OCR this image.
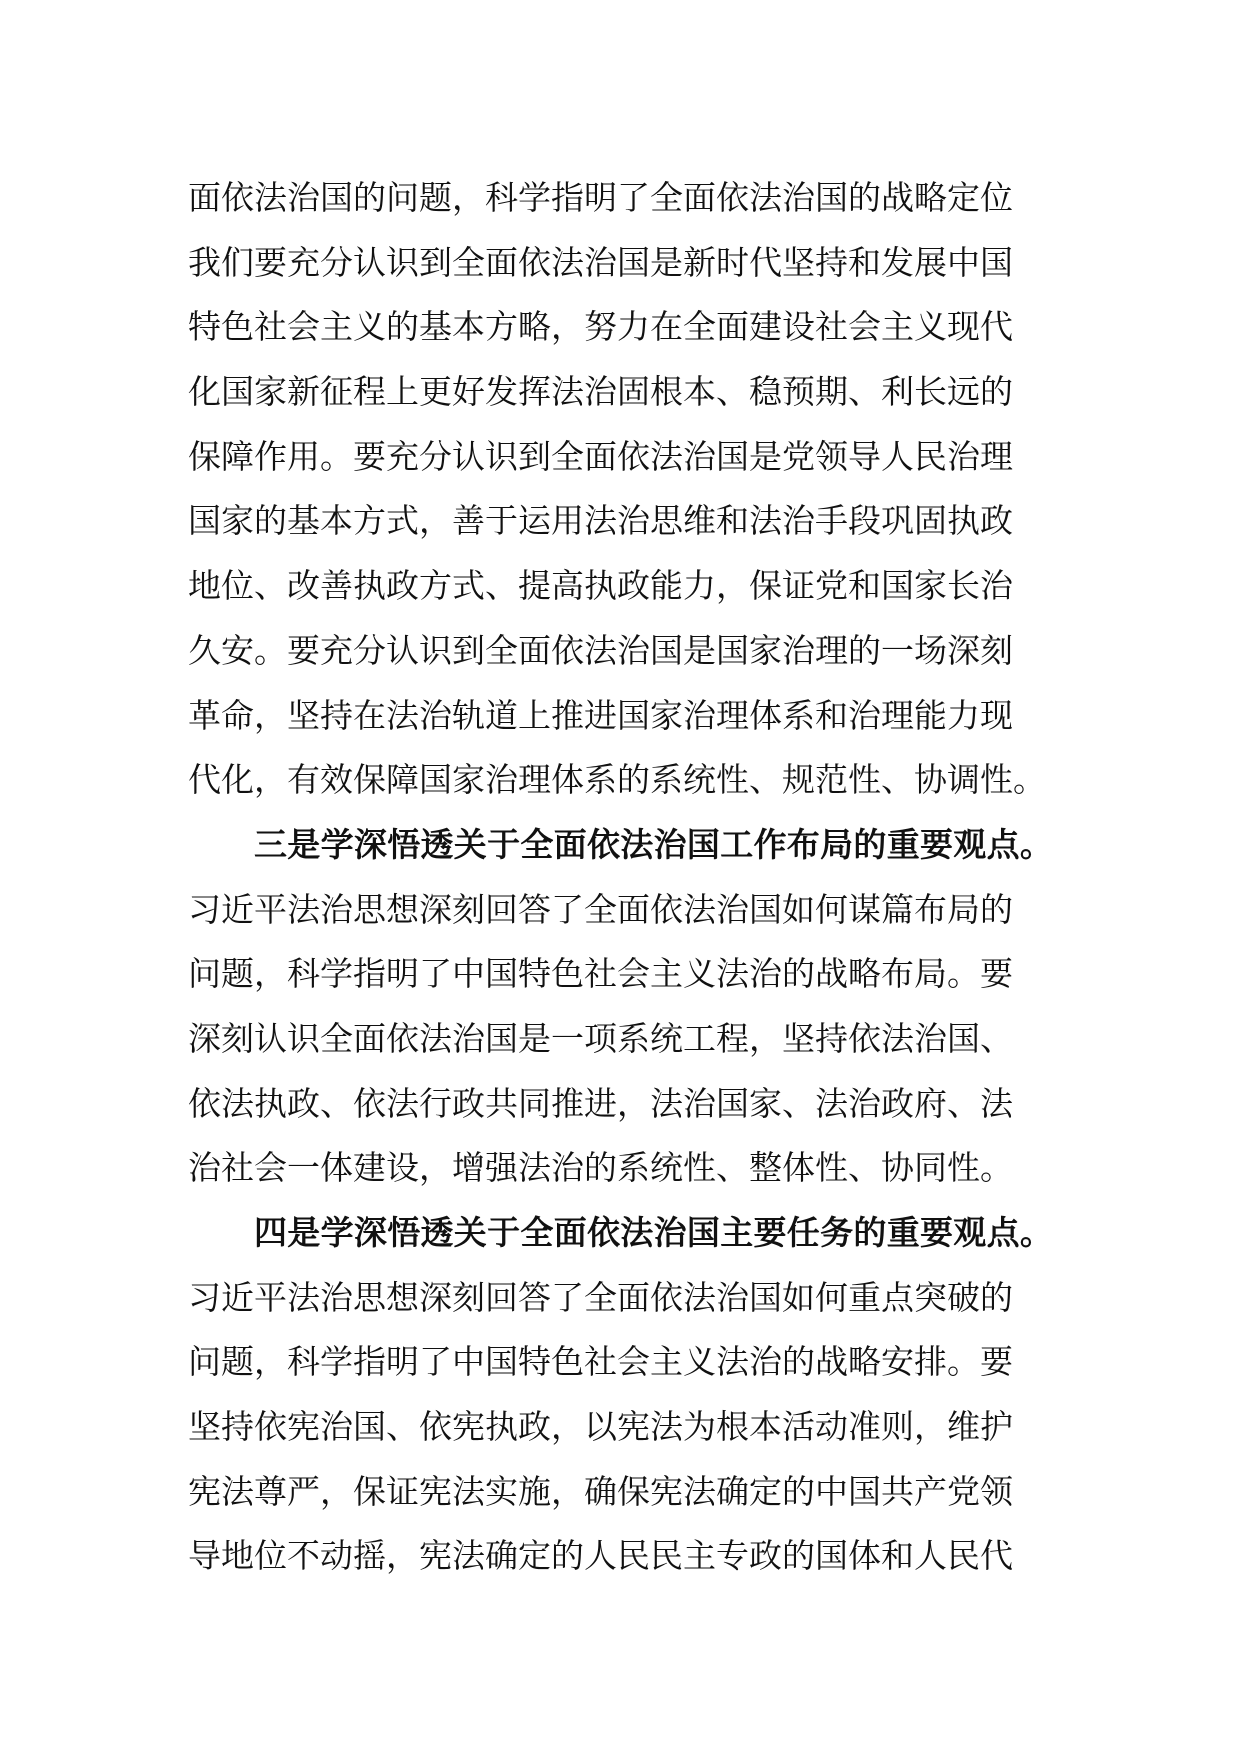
面依法治国的问题，科学指明了全面依法治国的战略定位
我们要充分认识到全面依法治国是新时代坚持和发展中国
特色社会主义的基本方略，努力在全面建设社会主义现代
化国家新征程上更好发挥法治固根本、稳预期、利长远的
保障作用。要充分认识到全面依法治国是党领导人民治理
国家的基本方式，善于运用法治思维和法治手段巩固执政
地位、改善执政方式、提高执政能力，保证党和国家长治
久安。要充分认识到全面依法治国是国家治理的一场深刻
革命，坚持在法治轨道上推进国家治理体系和治理能力现
代化，有效保障国家治理体系的系统性、规范性、协调性。
三是学深悟透关于全面依法治国工作布局的重要观点。
习近平法治思想深刻回答了全面依法治国如何谋篇布局的
问题，科学指明了中国特色社会主义法治的战略布局。要
深刻认识全面依法治国是一项系统工程，坚持依法治国、
依法执政、依法行政共同推进，法治国家、法治政府、法
治社会一体建设，增强法治的系统性、整体性、协同性。
四是学深悟透关于全面依法治国主要任务的重要观点。
习近平法治思想深刻回答了全面依法治国如何重点突破的
问题，科学指明了中国特色社会主义法治的战略安排。要
坚持依宪治国、依宪执政，以宪法为根本活动准则，维护
宪法尊严，保证宪法实施，确保宪法确定的中国共产党领
导地位不动摇，宪法确定的人民民主专政的国体和人民代
